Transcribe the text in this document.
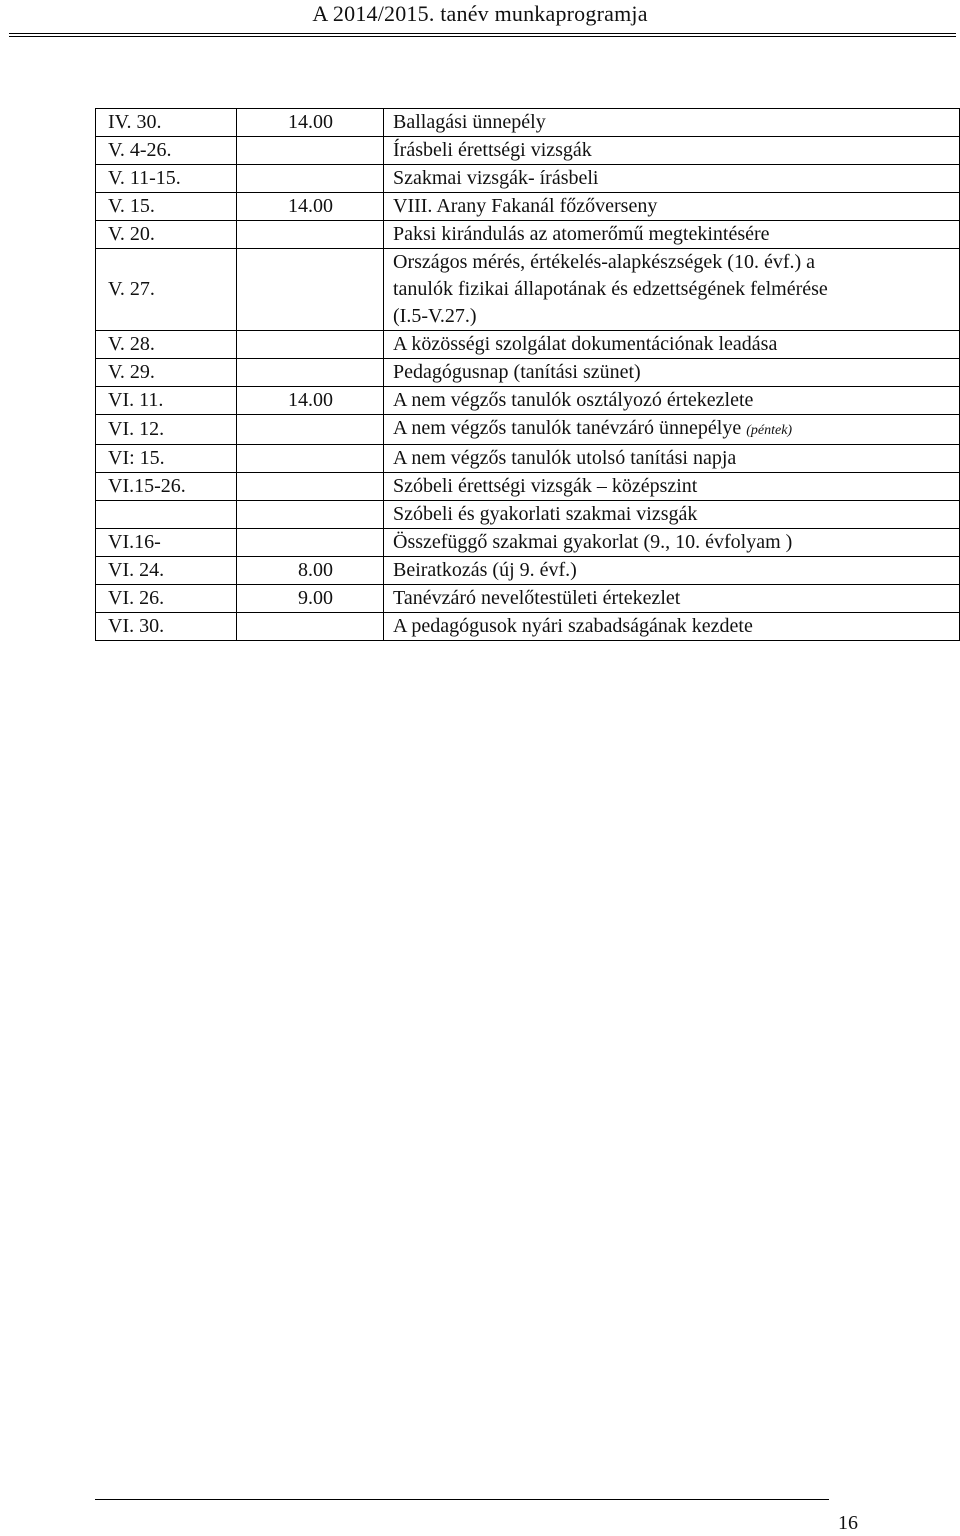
A 2014/2015. tanév munkaprogramja
IV. 30.	14.00	Ballagási ünnepély
V. 4-26.		Írásbeli érettségi vizsgák
V. 11-15.		Szakmai vizsgák- írásbeli
V. 15.	14.00	VIII. Arany Fakanál főzőverseny
V. 20.		Paksi kirándulás az atomerőmű megtekintésére
V. 27.		Országos mérés, értékelés-alapkészségek (10. évf.) a
tanulók fizikai állapotának és edzettségének felmérése
(I.5-V.27.)

V. 28.		A közösségi szolgálat dokumentációnak leadása
V. 29.		Pedagógusnap (tanítási szünet)
VI. 11.	14.00	A nem végzős tanulók osztályozó értekezlete
VI. 12.		A nem végzős tanulók tanévzáró ünnepélye (péntek)
VI: 15.		A nem végzős tanulók utolsó tanítási napja
VI.15-26.		Szóbeli érettségi vizsgák – középszint
		Szóbeli és gyakorlati szakmai vizsgák
VI.16-		Összefüggő szakmai gyakorlat (9., 10. évfolyam )
VI. 24.	8.00	Beiratkozás (új 9. évf.)
VI. 26.	9.00	Tanévzáró nevelőtestületi értekezlet
VI. 30.		A pedagógusok nyári szabadságának kezdete
16
